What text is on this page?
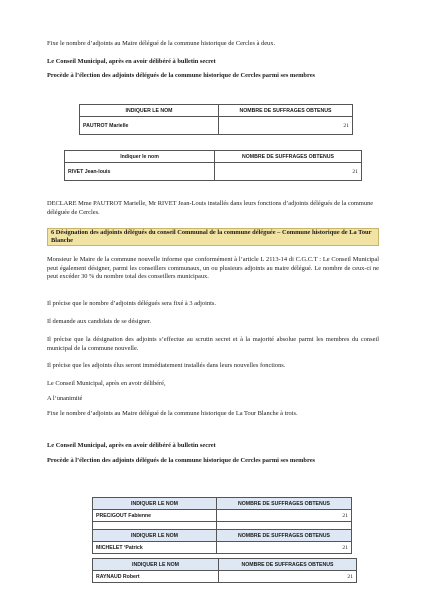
Fixe le nombre d’adjoints au Maire délégué de la commune historique de Cercles à deux.
Le Conseil Municipal, après en avoir délibéré à bulletin secret
Procède à l’élection des adjoints délégués de la commune historique de Cercles parmi ses membres
INDIQUER LE NOM	NOMBRE DE SUFFRAGES OBTENUS
PAUTROT Marielle	21
Indiquer le nom	NOMBRE DE SUFFRAGES OBTENUS
RIVET Jean-louis	21
DECLARE Mme PAUTROT Marielle, Mr RIVET Jean-Louis installés dans leurs fonctions d’adjoints délégués de la commune déléguée de Cercles.
6 Désignation des adjoints délégués du conseil Communal de la commune déléguée – Commune historique de La Tour Blanche
Monsieur le Maire de la commune nouvelle informe que conformément à l’article L 2113-14 di C.G.C.T : Le Conseil Municipal peut également désigner, parmi les conseillers communaux, un ou plusieurs adjoints au maire délégué. Le nombre de ceux-ci ne peut excéder 30 % du nombre total des conseillers municipaux.
Il précise que le nombre d’adjoints délégués sera fixé à 3 adjoints.
Il demande aux candidats de se désigner.
Il précise que la désignation des adjoints s’effectue au scrutin secret et à la majorité absolue parmi les membres du conseil municipal de la commune nouvelle.
Il précise que les adjoints élus seront immédiatement installés dans leurs nouvelles fonctions.
Le Conseil Municipal, après en avoir délibéré,
A l’unanimité
Fixe le nombre d’adjoints au Maire délégué de la commune historique de La Tour Blanche à trois.
Le Conseil Municipal, après en avoir délibéré à bulletin secret
Procède à l’élection des adjoints délégués de la commune historique de Cercles parmi ses membres
INDIQUER LE NOM	NOMBRE DE SUFFRAGES OBTENUS
PRECIGOUT Fabienne	21

INDIQUER LE NOM	NOMBRE DE SUFFRAGES OBTENUS
MICHELET ‘Patrick	21
INDIQUER LE NOM	NOMBRE DE SUFFRAGES OBTENUS
RAYNAUD Robert	21
